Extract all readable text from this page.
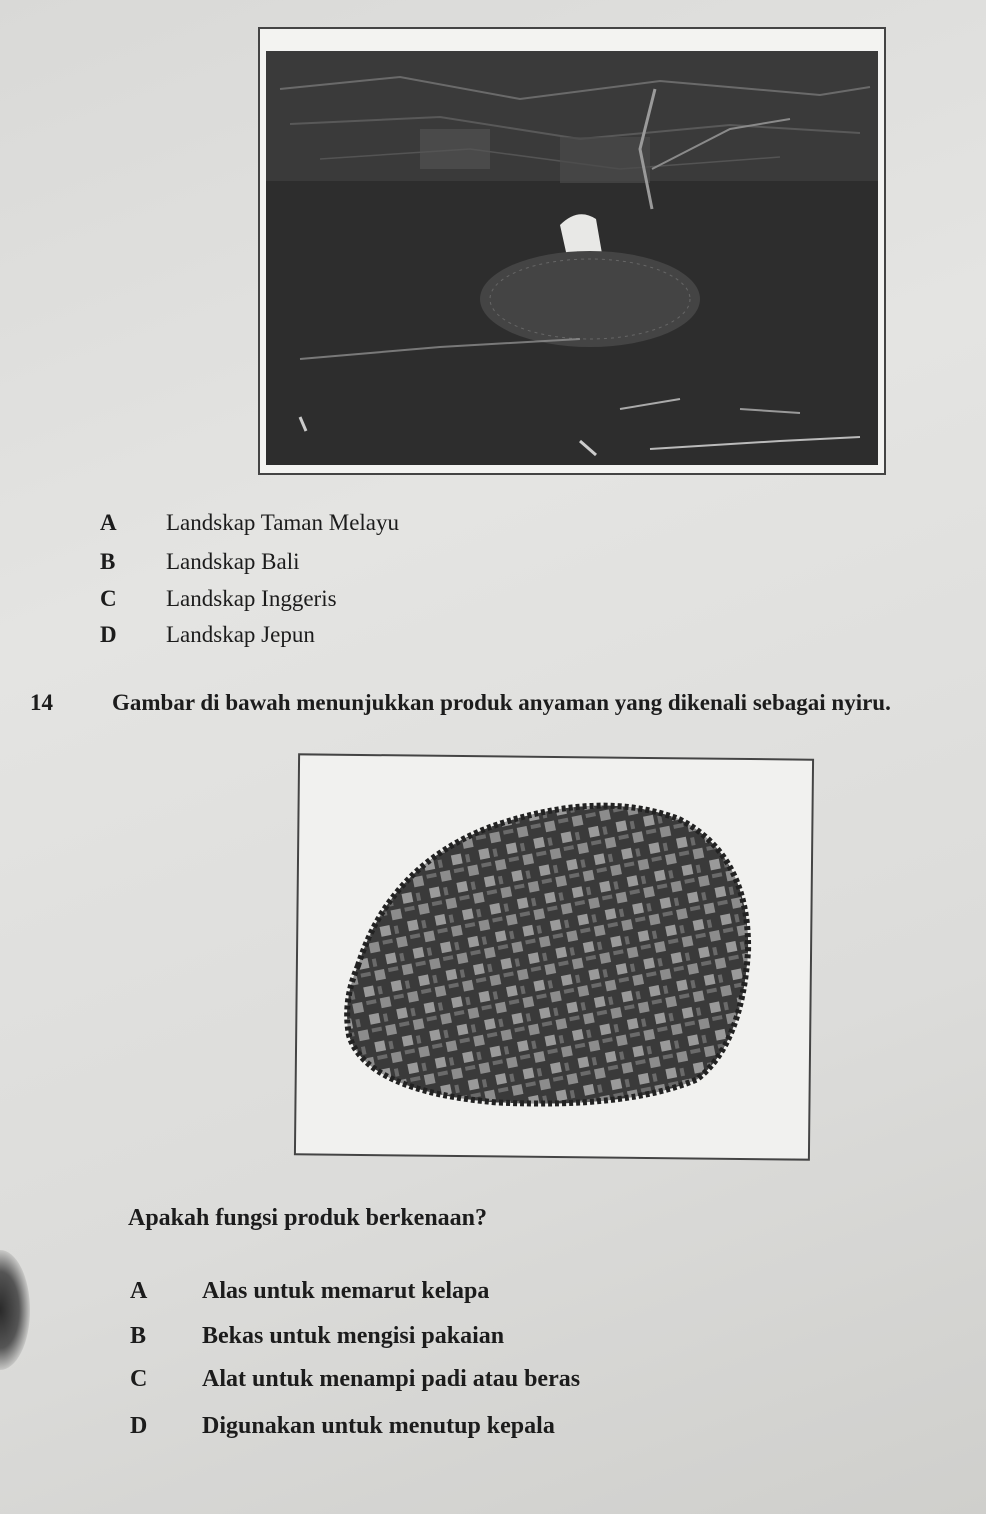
A Landskap Taman Melayu
B Landskap Bali
C Landskap Inggeris
D Landskap Jepun
14	Gambar di bawah menunjukkan produk anyaman yang dikenali sebagai nyiru.
Apakah fungsi produk berkenaan?
A Alas untuk memarut kelapa
B Bekas untuk mengisi pakaian
C Alat untuk menampi padi atau beras
D Digunakan untuk menutup kepala
